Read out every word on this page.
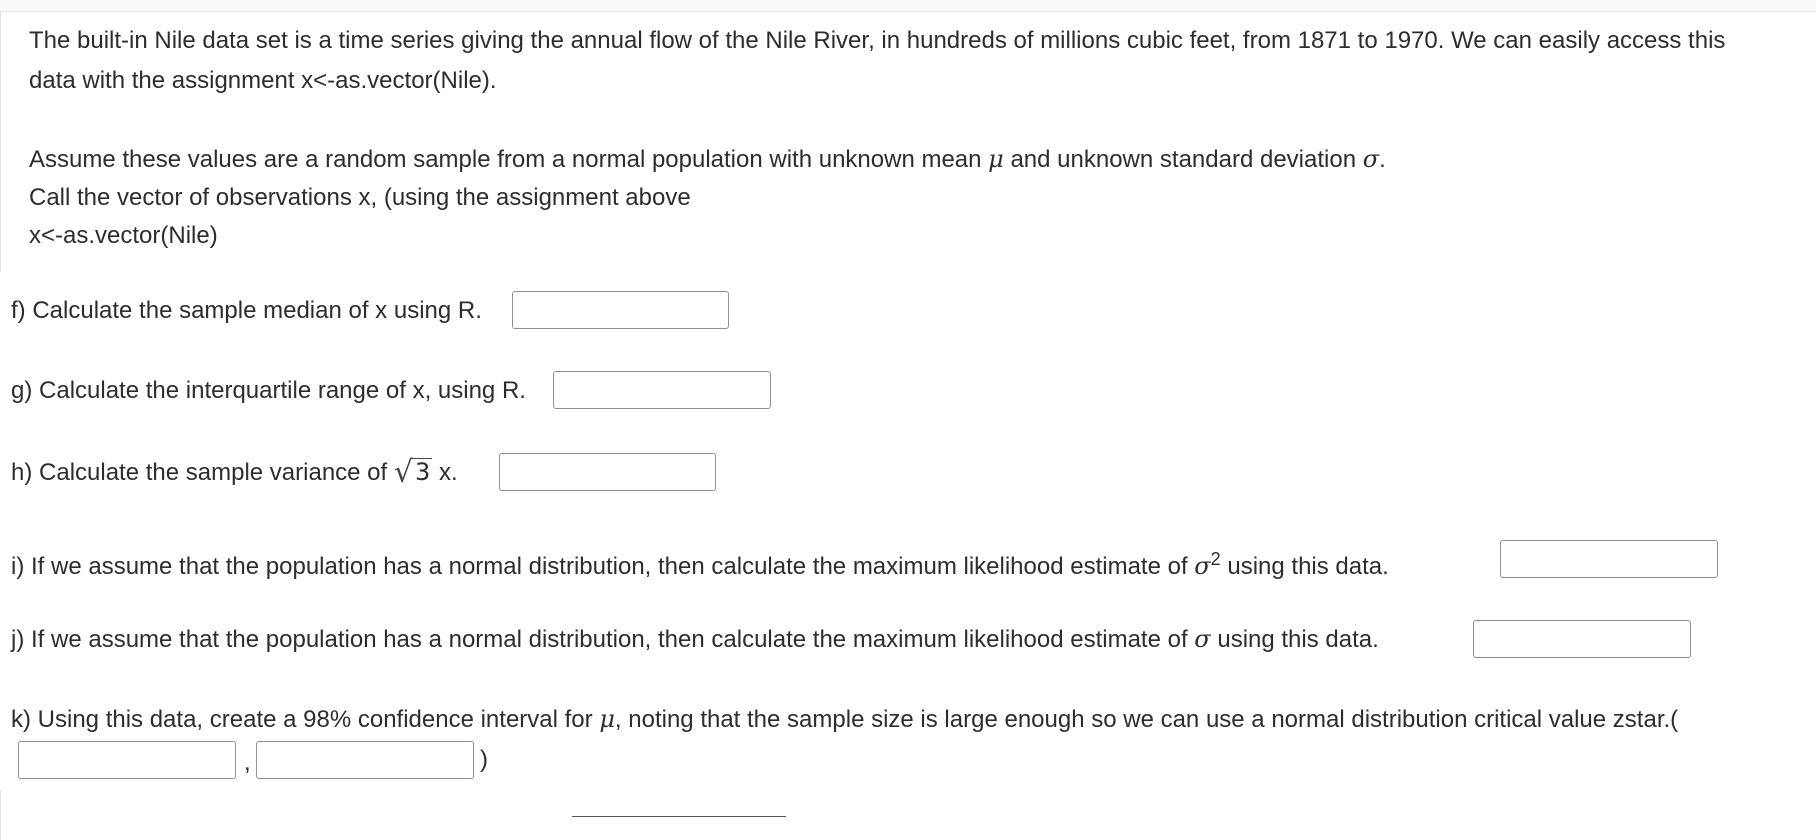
The built-in Nile data set is a time series giving the annual flow of the Nile River, in hundreds of millions cubic feet, from 1871 to 1970. We can easily access this
data with the assignment x<-as.vector(Nile).
Assume these values are a random sample from a normal population with unknown mean μ and unknown standard deviation σ.
Call the vector of observations x, (using the assignment above
x<-as.vector(Nile)
f) Calculate the sample median of x using R.
g) Calculate the interquartile range of x, using R.
h) Calculate the sample variance of √3 x.
i) If we assume that the population has a normal distribution, then calculate the maximum likelihood estimate of $\sigma^2$ using this data.
j) If we assume that the population has a normal distribution, then calculate the maximum likelihood estimate of σ using this data.
k) Using this data, create a 98% confidence interval for μ, noting that the sample size is large enough so we can use a normal distribution critical value zstar.(
,	)
